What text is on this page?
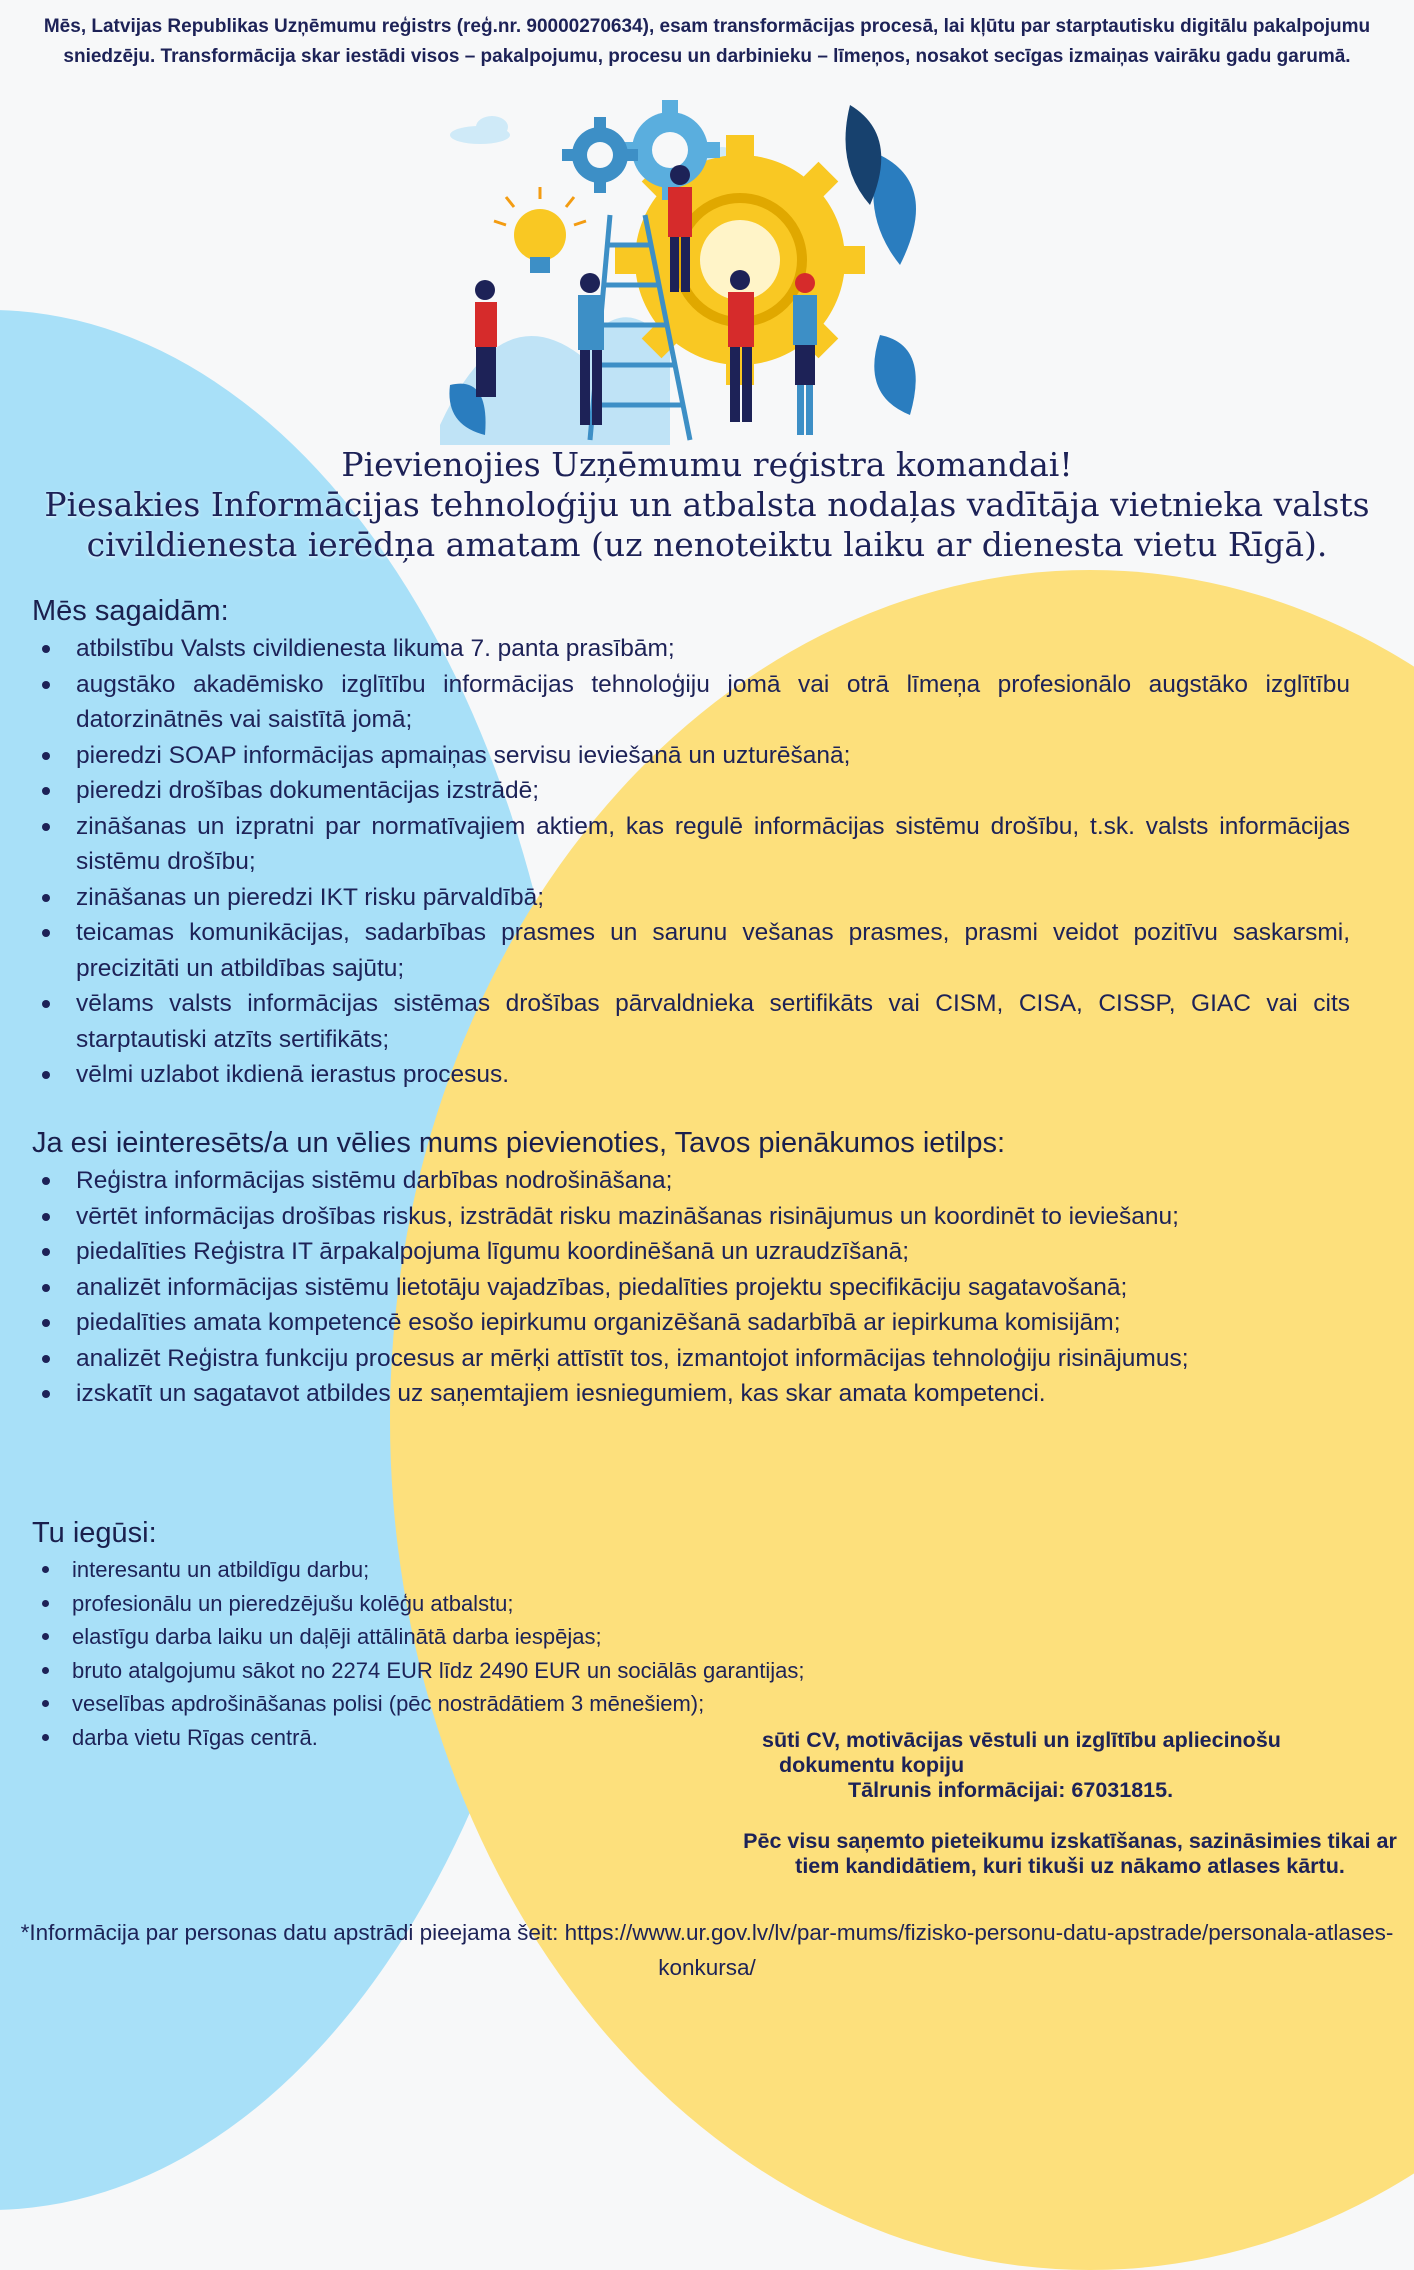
Mēs, Latvijas Republikas Uzņēmumu reģistrs (reģ.nr. 90000270634), esam transformācijas procesā, lai kļūtu par starptautisku digitālu pakalpojumu sniedzēju. Transformācija skar iestādi visos – pakalpojumu, procesu un darbinieku – līmeņos, nosakot secīgas izmaiņas vairāku gadu garumā.
Pievienojies Uzņēmumu reģistra komandai!
Piesakies Informācijas tehnoloģiju un atbalsta nodaļas vadītāja vietnieka valsts
civildienesta ierēdņa amatam (uz nenoteiktu laiku ar dienesta vietu Rīgā).
Mēs sagaidām:
atbilstību Valsts civildienesta likuma 7. panta prasībām;
augstāko akadēmisko izglītību informācijas tehnoloģiju jomā vai otrā līmeņa profesionālo augstāko izglītību datorzinātnēs vai saistītā jomā;
pieredzi SOAP informācijas apmaiņas servisu ieviešanā un uzturēšanā;
pieredzi drošības dokumentācijas izstrādē;
zināšanas un izpratni par normatīvajiem aktiem, kas regulē informācijas sistēmu drošību, t.sk. valsts informācijas sistēmu drošību;
zināšanas un pieredzi IKT risku pārvaldībā;
teicamas komunikācijas, sadarbības prasmes un sarunu vešanas prasmes, prasmi veidot pozitīvu saskarsmi, precizitāti un atbildības sajūtu;
vēlams valsts informācijas sistēmas drošības pārvaldnieka sertifikāts vai CISM, CISA, CISSP, GIAC vai cits starptautiski atzīts sertifikāts;
vēlmi uzlabot ikdienā ierastus procesus.
Ja esi ieinteresēts/a un vēlies mums pievienoties, Tavos pienākumos ietilps:
Reģistra informācijas sistēmu darbības nodrošināšana;
vērtēt informācijas drošības riskus, izstrādāt risku mazināšanas risinājumus un koordinēt to ieviešanu;
piedalīties Reģistra IT ārpakalpojuma līgumu koordinēšanā un uzraudzīšanā;
analizēt informācijas sistēmu lietotāju vajadzības, piedalīties projektu specifikāciju sagatavošanā;
piedalīties amata kompetencē esošo iepirkumu organizēšanā sadarbībā ar iepirkuma komisijām;
analizēt Reģistra funkciju procesus ar mērķi attīstīt tos, izmantojot informācijas tehnoloģiju risinājumus;
izskatīt un sagatavot atbildes uz saņemtajiem iesniegumiem, kas skar amata kompetenci.
Tu iegūsi:
interesantu un atbildīgu darbu;
profesionālu un pieredzējušu kolēģu atbalstu;
elastīgu darba laiku un daļēji attālinātā darba iespējas;
bruto atalgojumu sākot no 2274 EUR līdz 2490 EUR un sociālās garantijas;
veselības apdrošināšanas polisi (pēc nostrādātiem 3 mēnešiem);
darba vietu Rīgas centrā.	sūti CV, motivācijas vēstuli un izglītību apliecinošu

dokumentu kopiju

Tālrunis informācijai: 67031815.

Pēc visu saņemto pieteikumu izskatīšanas, sazināsimies tikai ar tiem kandidātiem, kuri tikuši uz nākamo atlases kārtu.

*Informācija par personas datu apstrādi pieejama šeit: https://www.ur.gov.lv/lv/par-mums/fizisko-personu-datu-apstrade/personala-atlases-konkursa/
